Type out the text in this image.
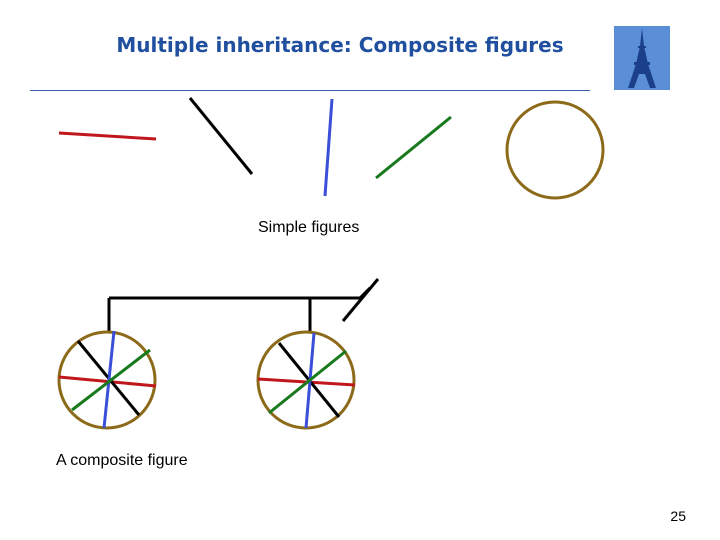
Multiple inheritance: Composite figures
Simple figures
A composite figure
25
